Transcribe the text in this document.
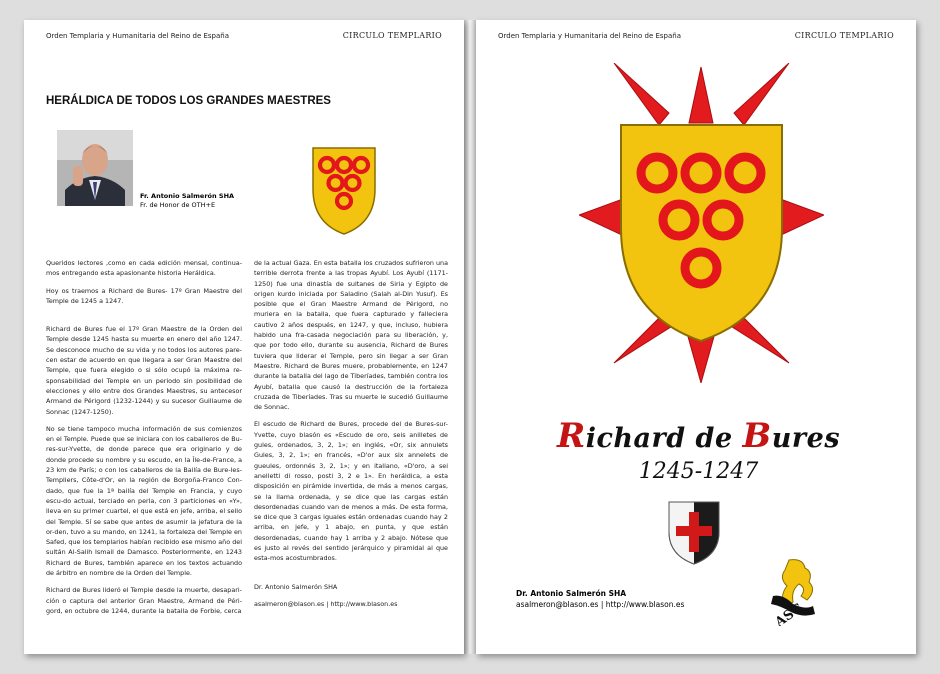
Orden Templaria y Humanitaria del Reino de España	CIRCULO TEMPLARIO
HERÁLDICA DE TODOS LOS GRANDES MAESTRES
Fr. Antonio Salmerón SHA
Fr. de Honor de OTH+E

Queridos lectores ,como en cada edición mensal, continua-mos entregando esta apasionante historia Heráldica.

Hoy os traemos a Richard de Bures- 17º Gran Maestre del Temple de 1245 a 1247.

Richard de Bures fue el 17º Gran Maestre de la Orden del Temple desde 1245 hasta su muerte en enero del año 1247. Se desconoce mucho de su vida y no todos los autores pare-cen estar de acuerdo en que llegara a ser Gran Maestre del Temple, que fuera elegido o si sólo ocupó la máxima re-sponsabilidad del Temple en un periodo sin posibilidad de elecciones y ello entre dos Grandes Maestres, su antecesor Armand de Périgord (1232-1244) y su sucesor Guillaume de Sonnac (1247-1250).

No se tiene tampoco mucha información de sus comienzos en el Temple. Puede que se iniciara con los caballeros de Bu-res-sur-Yvette, de donde parece que era originario y de donde procede su nombre y su escudo, en la Île-de-France, a 23 km de París; o con los caballeros de la Bailía de Bure-les-Templiers, Côte-d'Or, en la región de Borgoña-Franco Con-dado, que fue la 1ª bailía del Temple en Francia, y cuyo escu-do actual, terciado en perla, con 3 particiones en «Y», lleva en su primer cuartel, el que está en jefe, arriba, el sello del Temple. Sí se sabe que antes de asumir la jefatura de la or-den, tuvo a su mando, en 1241, la fortaleza del Temple en Safed, que los templarios habían recibido ese mismo año del sultán Al-Salih Ismail de Damasco. Posteriormente, en 1243 Richard de Bures, también aparece en los textos actuando de árbitro en nombre de la Orden del Temple.

Richard de Bures lideró el Temple desde la muerte, desapari-ción o captura del anterior Gran Maestre, Armand de Péri-gord, en octubre de 1244, durante la batalla de Forbie, cerca

de la actual Gaza. En esta batalla los cruzados sufrieron una terrible derrota frente a las tropas Ayubí. Los Ayubí (1171-1250) fue una dinastía de sultanes de Siria y Egipto de origen kurdo iniciada por Saladino (Salah al-Din Yusuf). Es posible que el Gran Maestre Armand de Périgord, no muriera en la batalla, que fuera capturado y falleciera cautivo 2 años después, en 1247, y que, incluso, hubiera habido una fra-casada negociación para su liberación, y, que por todo ello, durante su ausencia, Richard de Bures tuviera que liderar el Temple, pero sin llegar a ser Gran Maestre. Richard de Bures muere, probablemente, en 1247 durante la batalla del lago de Tiberíades, también contra los Ayubí, batalla que causó la destrucción de la fortaleza cruzada de Tiberíades. Tras su muerte le sucedió Guillaume de Sonnac.

El escudo de Richard de Bures, procede del de Bures-sur-Yvette, cuyo blasón es «Escudo de oro, seis anilletes de gules, ordenados, 3, 2, 1»; en inglés, «Or, six annulets Gules, 3, 2, 1»; en francés, «D'or aux six annelets de gueules, ordonnés 3, 2, 1»; y en italiano, «D'oro, a sei anelletti di rosso, posti 3, 2 e 1». En heráldica, a esta disposición en pirámide invertida, de más a menos cargas, se la llama ordenada, y se dice que las cargas están desordenadas cuando van de menos a más. De esta forma, se dice que 3 cargas iguales están ordenadas cuando hay 2 arriba, en jefe, y 1 abajo, en punta, y que están desordenadas, cuando hay 1 arriba y 2 abajo. Nótese que es justo al revés del sentido jerárquico y piramidal al que esta-mos acostumbrados.

Dr. Antonio Salmerón SHA

asalmeron@blason.es | http://www.blason.es

Orden Templaria y Humanitaria del Reino de España	CIRCULO TEMPLARIO
Richard de Bures
1245-1247
Dr. Antonio Salmerón SHA
asalmeron@blason.es | http://www.blason.es	ASC
